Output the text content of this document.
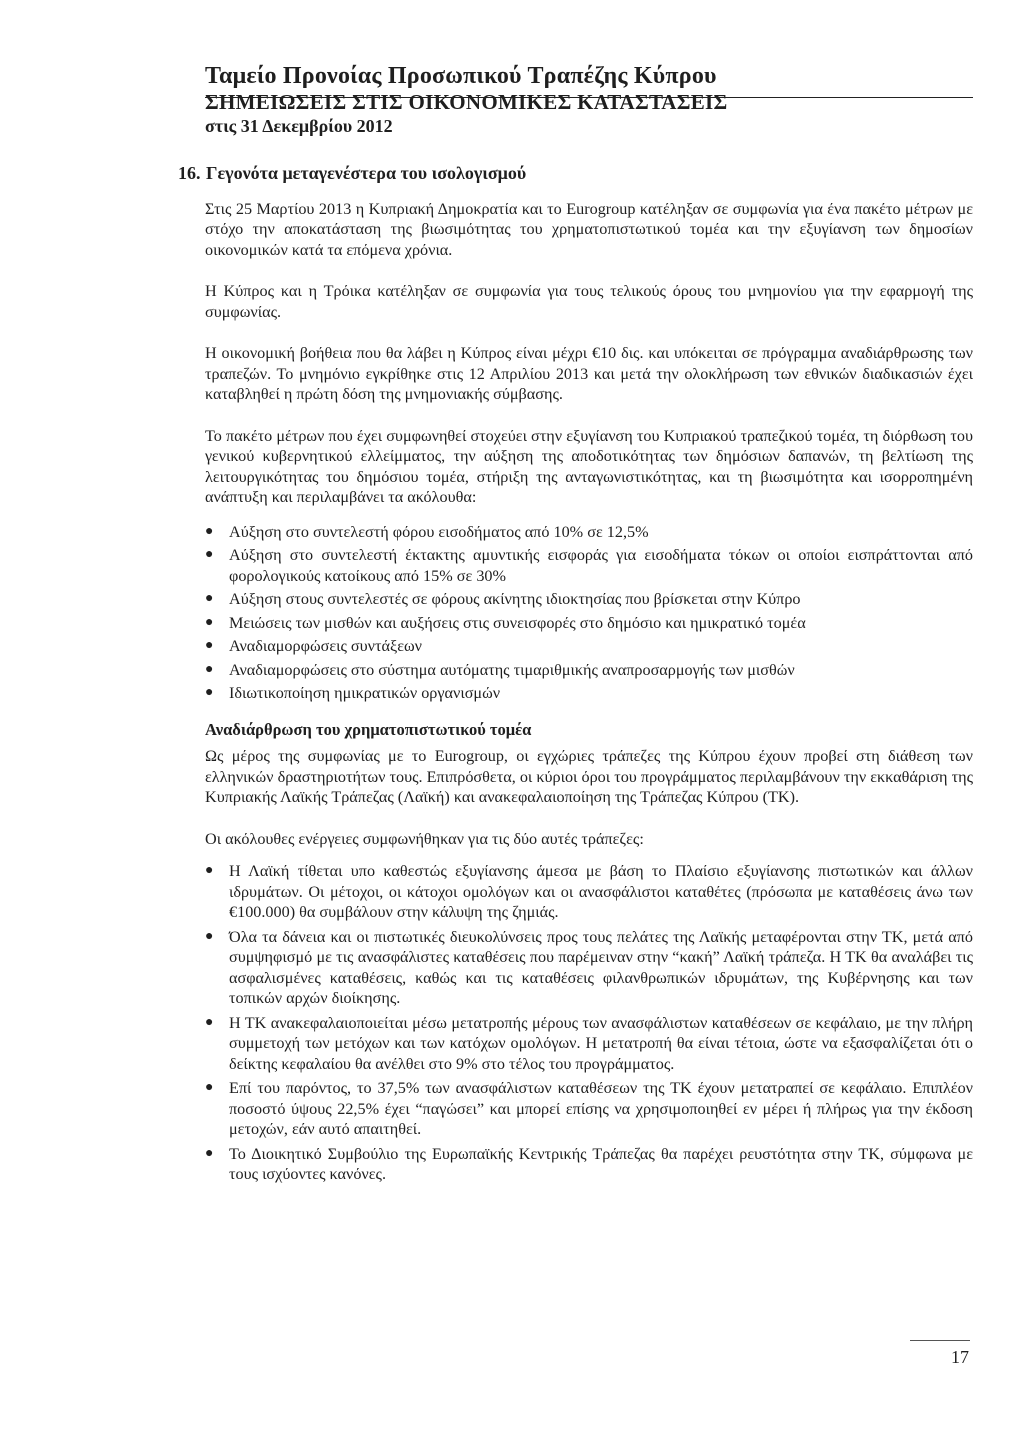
Ταμείο Προνοίας Προσωπικού Τραπέζης Κύπρου
ΣΗΜΕΙΩΣΕΙΣ ΣΤΙΣ ΟΙΚΟΝΟΜΙΚΕΣ ΚΑΤΑΣΤΑΣΕΙΣ
στις 31 Δεκεμβρίου 2012
16. Γεγονότα μεταγενέστερα του ισολογισμού

Στις 25 Μαρτίου 2013 η Κυπριακή Δημοκρατία και το Eurogroup κατέληξαν σε συμφωνία για ένα πακέτο μέτρων με στόχο την αποκατάσταση της βιωσιμότητας του χρηματοπιστωτικού τομέα και την εξυγίανση των δημοσίων οικονομικών κατά τα επόμενα χρόνια.

Η Κύπρος και η Τρόικα κατέληξαν σε συμφωνία για τους τελικούς όρους του μνημονίου για την εφαρμογή της συμφωνίας.

Η οικονομική βοήθεια που θα λάβει η Κύπρος είναι μέχρι €10 δις. και υπόκειται σε πρόγραμμα αναδιάρθρωσης των τραπεζών. Το μνημόνιο εγκρίθηκε στις 12 Απριλίου 2013 και μετά την ολοκλήρωση των εθνικών διαδικασιών έχει καταβληθεί η πρώτη δόση της μνημονιακής σύμβασης.

Το πακέτο μέτρων που έχει συμφωνηθεί στοχεύει στην εξυγίανση του Κυπριακού τραπεζικού τομέα, τη διόρθωση του γενικού κυβερνητικού ελλείμματος, την αύξηση της αποδοτικότητας των δημόσιων δαπανών, τη βελτίωση της λειτουργικότητας του δημόσιου τομέα, στήριξη της ανταγωνιστικότητας, και τη βιωσιμότητα και ισορροπημένη ανάπτυξη και περιλαμβάνει τα ακόλουθα:

● Αύξηση στο συντελεστή φόρου εισοδήματος από 10% σε 12,5%
● Αύξηση στο συντελεστή έκτακτης αμυντικής εισφοράς για εισοδήματα τόκων οι οποίοι εισπράττονται από φορολογικούς κατοίκους από 15% σε 30%
● Αύξηση στους συντελεστές σε φόρους ακίνητης ιδιοκτησίας που βρίσκεται στην Κύπρο
● Μειώσεις των μισθών και αυξήσεις στις συνεισφορές στο δημόσιο και ημικρατικό τομέα
● Αναδιαμορφώσεις συντάξεων
● Αναδιαμορφώσεις στο σύστημα αυτόματης τιμαριθμικής αναπροσαρμογής των μισθών
● Ιδιωτικοποίηση ημικρατικών οργανισμών
Αναδιάρθρωση του χρηματοπιστωτικού τομέα

Ως μέρος της συμφωνίας με το Eurogroup, οι εγχώριες τράπεζες της Κύπρου έχουν προβεί στη διάθεση των ελληνικών δραστηριοτήτων τους. Επιπρόσθετα, οι κύριοι όροι του προγράμματος περιλαμβάνουν την εκκαθάριση της Κυπριακής Λαϊκής Τράπεζας (Λαϊκή) και ανακεφαλαιοποίηση της Τράπεζας Κύπρου (ΤΚ).

Οι ακόλουθες ενέργειες συμφωνήθηκαν για τις δύο αυτές τράπεζες:

● Η Λαϊκή τίθεται υπο καθεστώς εξυγίανσης άμεσα με βάση το Πλαίσιο εξυγίανσης πιστωτικών και άλλων ιδρυμάτων. Οι μέτοχοι, οι κάτοχοι ομολόγων και οι ανασφάλιστοι καταθέτες (πρόσωπα με καταθέσεις άνω των €100.000) θα συμβάλουν στην κάλυψη της ζημιάς.
● Όλα τα δάνεια και οι πιστωτικές διευκολύνσεις προς τους πελάτες της Λαϊκής μεταφέρονται στην ΤΚ, μετά από συμψηφισμό με τις ανασφάλιστες καταθέσεις που παρέμειναν στην “κακή” Λαϊκή τράπεζα. Η ΤΚ θα αναλάβει τις ασφαλισμένες καταθέσεις, καθώς και τις καταθέσεις φιλανθρωπικών ιδρυμάτων, της Κυβέρνησης και των τοπικών αρχών διοίκησης.
● Η ΤΚ ανακεφαλαιοποιείται μέσω μετατροπής μέρους των ανασφάλιστων καταθέσεων σε κεφάλαιο, με την πλήρη συμμετοχή των μετόχων και των κατόχων ομολόγων. Η μετατροπή θα είναι τέτοια, ώστε να εξασφαλίζεται ότι ο δείκτης κεφαλαίου θα ανέλθει στο 9% στο τέλος του προγράμματος.
● Επί του παρόντος, το 37,5% των ανασφάλιστων καταθέσεων της ΤΚ έχουν μετατραπεί σε κεφάλαιο. Επιπλέον ποσοστό ύψους 22,5% έχει “παγώσει” και μπορεί επίσης να χρησιμοποιηθεί εν μέρει ή πλήρως για την έκδοση μετοχών, εάν αυτό απαιτηθεί.
● Το Διοικητικό Συμβούλιο της Ευρωπαϊκής Κεντρικής Τράπεζας θα παρέχει ρευστότητα στην ΤΚ, σύμφωνα με τους ισχύοντες κανόνες.
17
